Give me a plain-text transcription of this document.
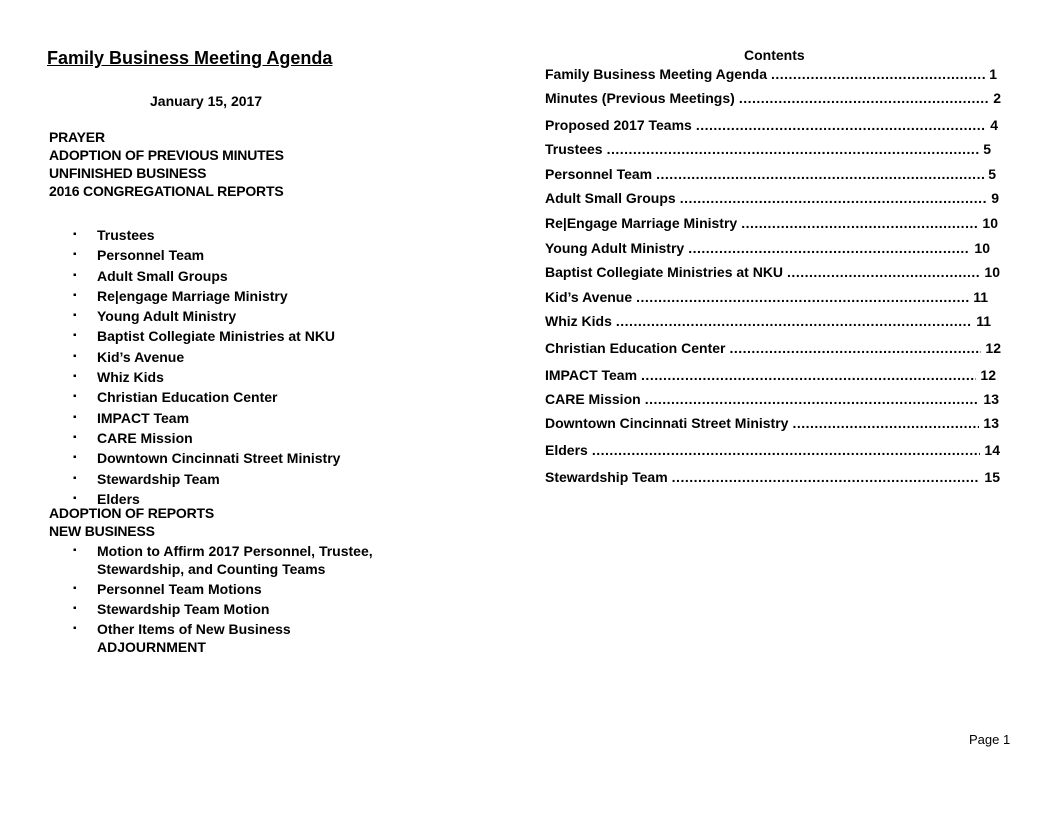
Family Business Meeting Agenda
January 15, 2017
PRAYER
ADOPTION OF PREVIOUS MINUTES
UNFINISHED BUSINESS
2016 CONGREGATIONAL REPORTS
▪ Trustees
▪ Personnel Team
▪ Adult Small Groups
▪ Re|engage Marriage Ministry
▪ Young Adult Ministry
▪ Baptist Collegiate Ministries at NKU
▪ Kid’s Avenue
▪ Whiz Kids
▪ Christian Education Center
▪ IMPACT Team
▪ CARE Mission
▪ Downtown Cincinnati Street Ministry
▪ Stewardship Team
▪ Elders
ADOPTION OF REPORTS
NEW BUSINESS
▪ Motion to Affirm 2017 Personnel, Trustee,
Stewardship, and Counting Teams
▪ Personnel Team Motions
▪ Stewardship Team Motion
▪ Other Items of New Business
ADJOURNMENT
Contents
Family Business Meeting Agenda .....	1
Minutes (Previous Meetings) .....	2
Proposed 2017 Teams .....	4
Trustees .....	5
Personnel Team .....	5
Adult Small Groups .....	9
Re|Engage Marriage Ministry .....	10
Young Adult Ministry .....	10
Baptist Collegiate Ministries at NKU .....	10
Kid’s Avenue .....	11
Whiz Kids .....	11
Christian Education Center .....	12
IMPACT Team .....	12
CARE Mission .....	13
Downtown Cincinnati Street Ministry .....	13
Elders .....	14
Stewardship Team .....	15
Page 1
